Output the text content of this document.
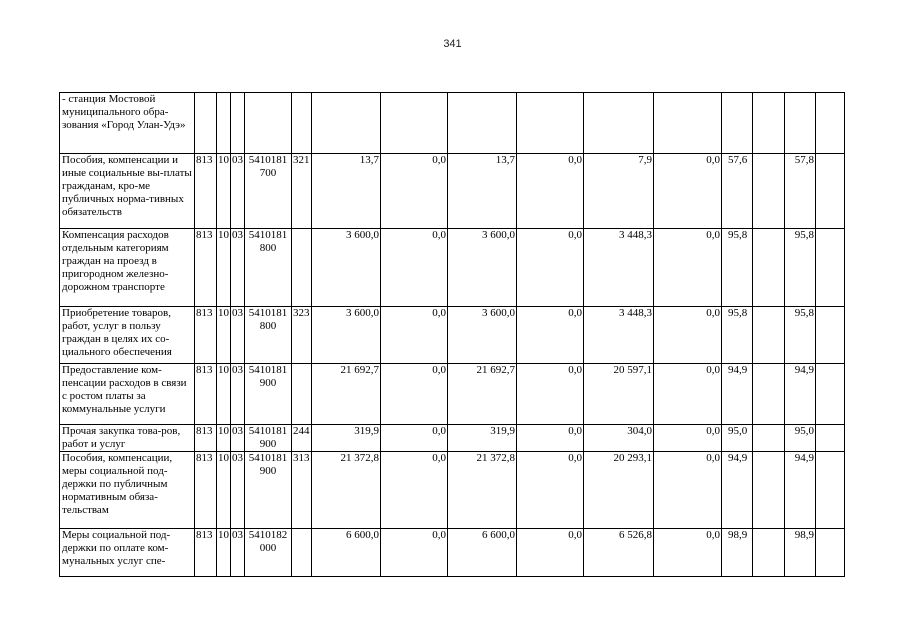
341
- станция Мостовой муниципального обра-зования «Город Улан-Удэ»															
Пособия, компенсации и иные социальные вы-платы гражданам, кро-ме публичных норма-тивных обязательств	813	10	03	5410181 700	321	13,7	0,0	13,7	0,0	7,9	0,0	57,6		57,8	
Компенсация расходов отдельным категориям граждан на проезд в пригородном железно-дорожном транспорте	813	10	03	5410181 800		3 600,0	0,0	3 600,0	0,0	3 448,3	0,0	95,8		95,8	
Приобретение товаров, работ, услуг в пользу граждан в целях их со-циального обеспечения	813	10	03	5410181 800	323	3 600,0	0,0	3 600,0	0,0	3 448,3	0,0	95,8		95,8	
Предоставление ком-пенсации расходов в связи с ростом платы за коммунальные услуги	813	10	03	5410181 900		21 692,7	0,0	21 692,7	0,0	20 597,1	0,0	94,9		94,9	
Прочая закупка това-ров, работ и услуг	813	10	03	5410181 900	244	319,9	0,0	319,9	0,0	304,0	0,0	95,0		95,0	
Пособия, компенсации, меры социальной под-держки по публичным нормативным обяза-тельствам	813	10	03	5410181 900	313	21 372,8	0,0	21 372,8	0,0	20 293,1	0,0	94,9		94,9	
Меры социальной под-держки по оплате ком-мунальных услуг спе-	813	10	03	5410182 000		6 600,0	0,0	6 600,0	0,0	6 526,8	0,0	98,9		98,9	
